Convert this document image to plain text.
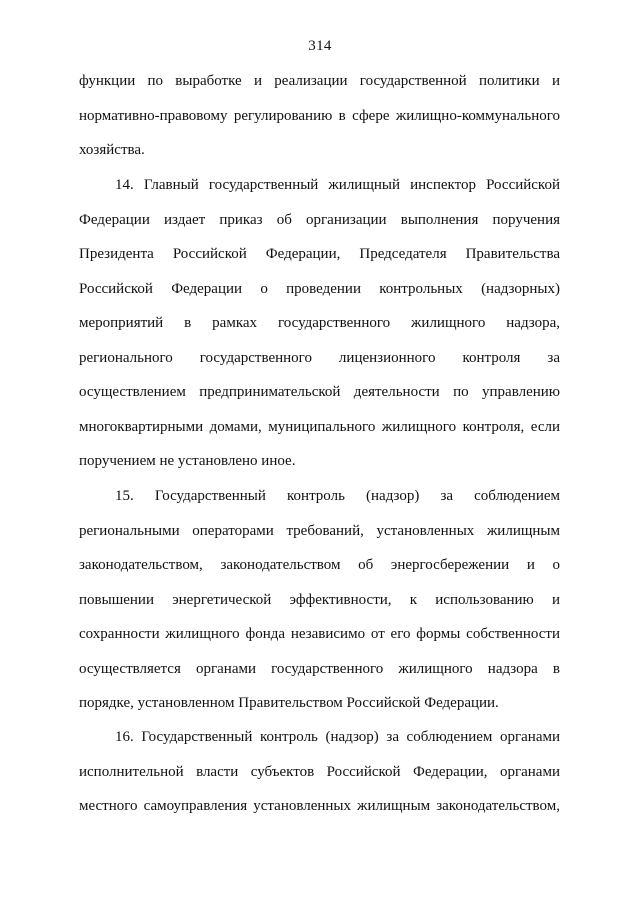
314
функции по выработке и реализации государственной политики и
нормативно-правовому регулированию в сфере жилищно-коммунального
хозяйства.
14. Главный государственный жилищный инспектор Российской
Федерации издает приказ об организации выполнения поручения
Президента Российской Федерации, Председателя Правительства
Российской Федерации о проведении контрольных (надзорных)
мероприятий в рамках государственного жилищного надзора,
регионального государственного лицензионного контроля за
осуществлением предпринимательской деятельности по управлению
многоквартирными домами, муниципального жилищного контроля, если
поручением не установлено иное.
15. Государственный контроль (надзор) за соблюдением
региональными операторами требований, установленных жилищным
законодательством, законодательством об энергосбережении и о
повышении энергетической эффективности, к использованию и
сохранности жилищного фонда независимо от его формы собственности
осуществляется органами государственного жилищного надзора в
порядке, установленном Правительством Российской Федерации.
16. Государственный контроль (надзор) за соблюдением органами
исполнительной власти субъектов Российской Федерации, органами
местного самоуправления установленных жилищным законодательством,
